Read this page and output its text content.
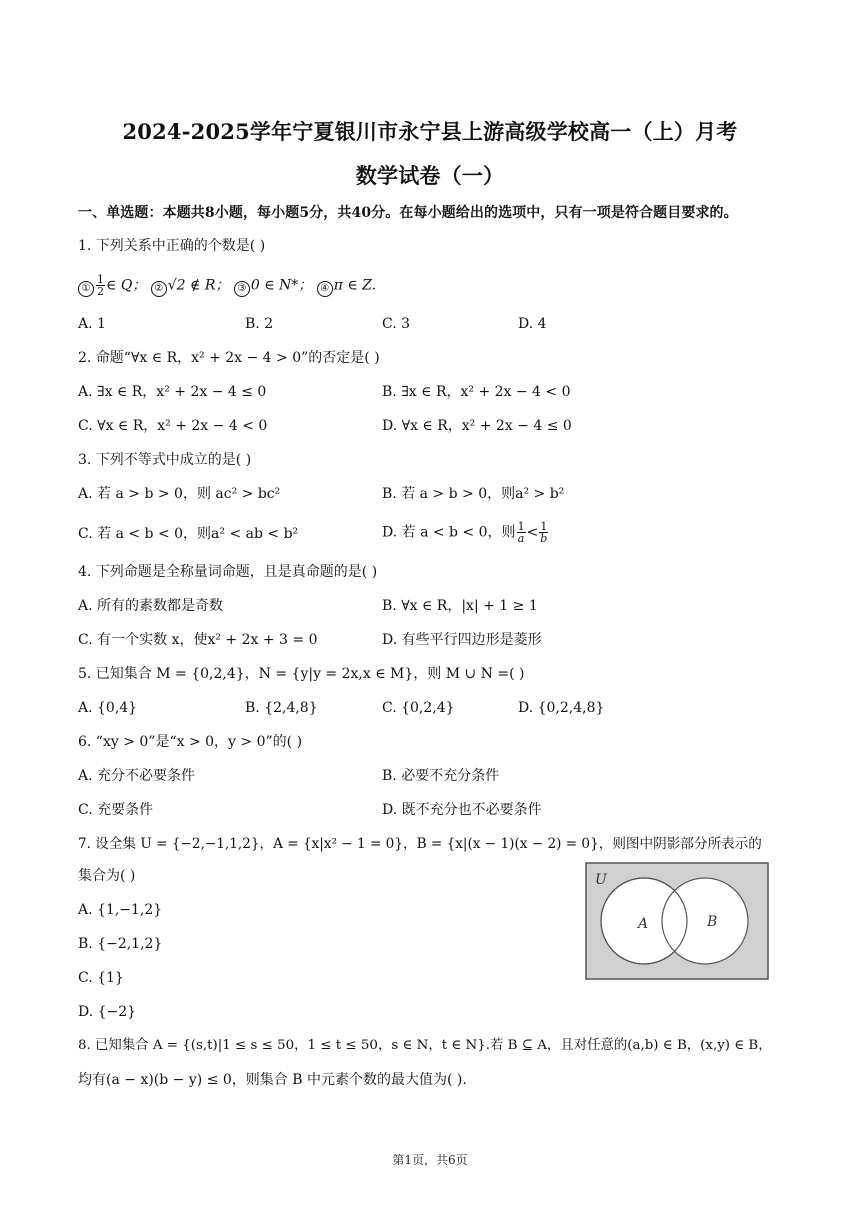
2024-2025学年宁夏银川市永宁县上游高级学校高一（上）月考
数学试卷（一）
一、单选题：本题共8小题，每小题5分，共40分。在每小题给出的选项中，只有一项是符合题目要求的。
1. 下列关系中正确的个数是( )
① $\frac{1}{2}$ ∈ Q； ② √2 ∉ R； ③ 0 ∈ N*； ④ π ∈ Z.
A. 1	B. 2	C. 3	D. 4
2. 命题“∀x ∈ R，x² + 2x − 4 > 0”的否定是( )
A. ∃x ∈ R，x² + 2x − 4 ≤ 0	B. ∃x ∈ R，x² + 2x − 4 < 0
C. ∀x ∈ R，x² + 2x − 4 < 0	D. ∀x ∈ R，x² + 2x − 4 ≤ 0
3. 下列不等式中成立的是( )
A. 若 a > b > 0，则 ac² > bc²	B. 若 a > b > 0，则a² > b²
C. 若 a < b < 0，则a² < ab < b²	D. 若 a < b < 0，则 $\frac{1}{a} < \frac{1}{b}$
4. 下列命题是全称量词命题，且是真命题的是( )
A. 所有的素数都是奇数	B. ∀x ∈ R，|x| + 1 ≥ 1
C. 有一个实数 x，使x² + 2x + 3 = 0	D. 有些平行四边形是菱形
5. 已知集合 M = {0,2,4}，N = {y|y = 2x,x ∈ M}，则 M ∪ N =( )
A. {0,4}	B. {2,4,8}	C. {0,2,4}	D. {0,2,4,8}
6. “xy > 0”是“x > 0，y > 0”的( )
A. 充分不必要条件	B. 必要不充分条件
C. 充要条件	D. 既不充分也不必要条件
7. 设全集 U = {−2,−1,1,2}，A = {x|x² − 1 = 0}，B = {x|(x − 1)(x − 2) = 0}，则图中阴影部分所表示的
集合为( )
A. {1,−1,2}
B. {−2,1,2}
C. {1}
D. {−2}
U
A	B
8. 已知集合 A = {(s,t)|1 ≤ s ≤ 50，1 ≤ t ≤ 50，s ∈ N，t ∈ N}.若 B ⊆ A，且对任意的(a,b) ∈ B，(x,y) ∈ B，
均有(a − x)(b − y) ≤ 0，则集合 B 中元素个数的最大值为( ).
第1页，共6页
